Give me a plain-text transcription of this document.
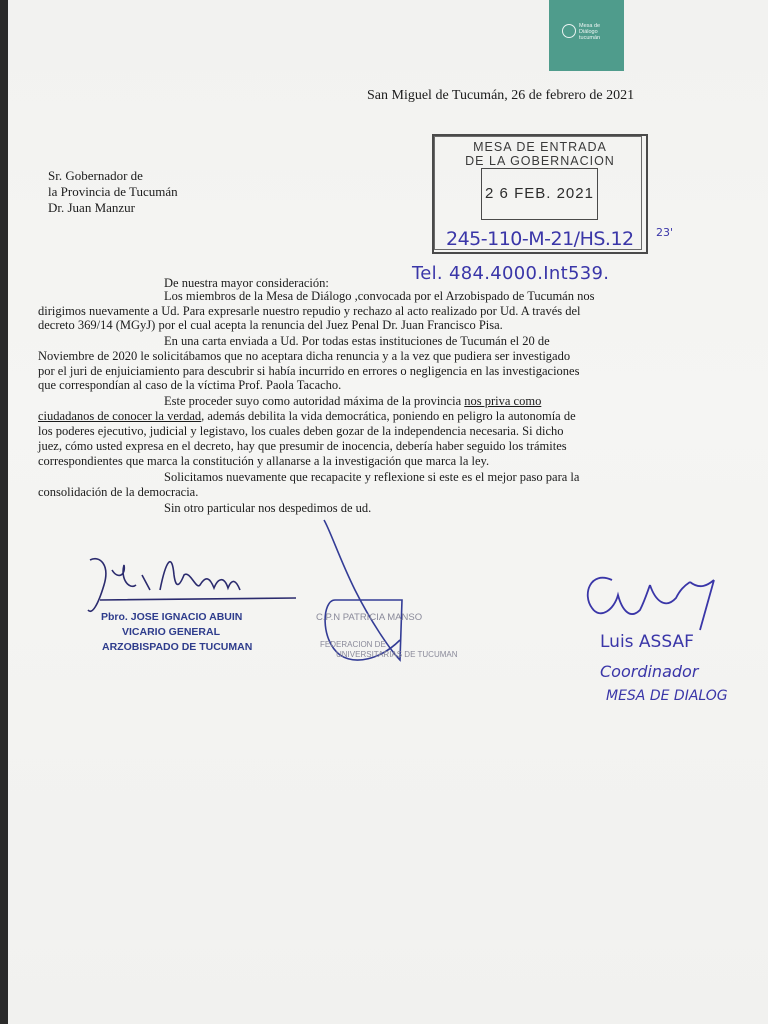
Mesa de
Diálogo
tucumán
San Miguel de Tucumán, 26 de febrero de 2021
Sr. Gobernador de
la Provincia de Tucumán
Dr. Juan Manzur
MESA DE ENTRADA
DE LA GOBERNACION
2 6 FEB. 2021
245-110-M-21/HS.12 23'
Tel. 484.4000.Int539.
De nuestra mayor consideración:
Los miembros de la Mesa de Diálogo ,convocada por el Arzobispado de Tucumán nos
dirigimos nuevamente a Ud. Para expresarle nuestro repudio y rechazo al acto realizado por Ud. A través del
decreto 369/14 (MGyJ) por el cual acepta la renuncia del Juez Penal Dr. Juan Francisco Pisa.
En una carta enviada a Ud. Por todas estas instituciones de Tucumán el 20 de
Noviembre de 2020 le solicitábamos que no aceptara dicha renuncia y a la vez que pudiera ser investigado
por el juri de enjuiciamiento para descubrir si había incurrido en errores o negligencia en las investigaciones
que correspondían al caso de la víctima Prof. Paola Tacacho.
Este proceder suyo como autoridad máxima de la provincia nos priva como
ciudadanos de conocer la verdad, además debilita la vida democrática, poniendo en peligro la autonomía de
los poderes ejecutivo, judicial y legistavo, los cuales deben gozar de la independencia necesaria. Si dicho
juez, cómo usted expresa en el decreto, hay que presumir de inocencia, debería haber seguido los trámites
correspondientes que marca la constitución y allanarse a la investigación que marca la ley.
Solicitamos nuevamente que recapacite y reflexione si este es el mejor paso para la
consolidación de la democracia.
Sin otro particular nos despedimos de ud.
Pbro. JOSE IGNACIO ABUIN
VICARIO GENERAL
ARZOBISPADO DE TUCUMAN
C.P.N PATRICIA MANSO
FEDERACION DE
UNIVERSITARIAS DE TUCUMAN
Luis ASSAF
Coordinador
MESA DE DIALOG
